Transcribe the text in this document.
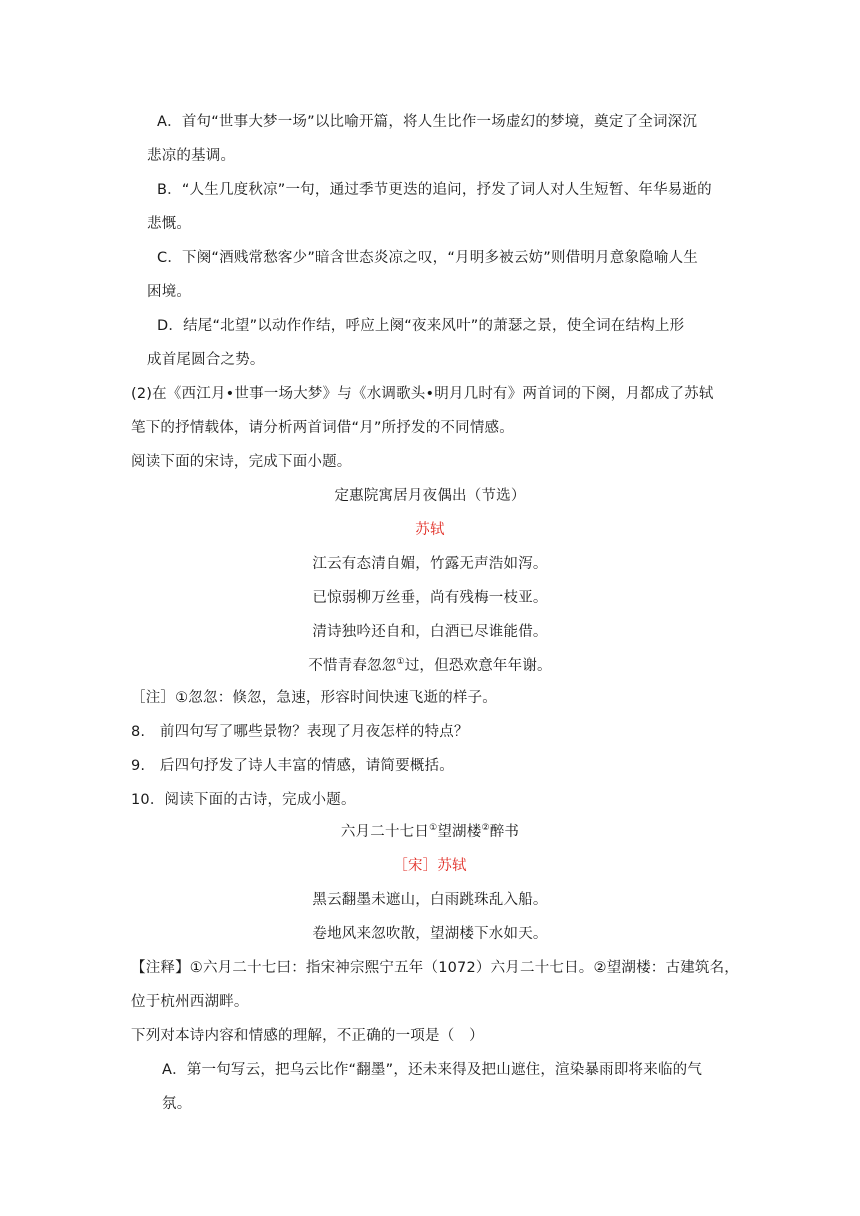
A．首句“世事大梦一场”以比喻开篇，将人生比作一场虚幻的梦境，奠定了全词深沉
悲凉的基调。
B．“人生几度秋凉”一句，通过季节更迭的追问，抒发了词人对人生短暂、年华易逝的
悲慨。
C．下阕“酒贱常愁客少”暗含世态炎凉之叹，“月明多被云妨”则借明月意象隐喻人生
困境。
D．结尾“北望”以动作作结，呼应上阕“夜来风叶”的萧瑟之景，使全词在结构上形
成首尾圆合之势。
(2)在《西江月•世事一场大梦》与《水调歌头•明月几时有》两首词的下阕，月都成了苏轼
笔下的抒情载体，请分析两首词借“月”所抒发的不同情感。
阅读下面的宋诗，完成下面小题。
定惠院寓居月夜偶出（节选）
苏轼
江云有态清自媚，竹露无声浩如泻。
已惊弱柳万丝垂，尚有残梅一枝亚。
清诗独吟还自和，白酒已尽谁能借。
不惜青春忽忽①过，但恐欢意年年谢。
［注］①忽忽：倏忽，急速，形容时间快速飞逝的样子。
8.　前四句写了哪些景物？表现了月夜怎样的特点？
9.　后四句抒发了诗人丰富的情感，请简要概括。
10．阅读下面的古诗，完成小题。
六月二十七日①望湖楼②醉书
［宋］苏轼
黑云翻墨未遮山，白雨跳珠乱入船。
卷地风来忽吹散，望湖楼下水如天。
【注释】①六月二十七曰：指宋神宗熙宁五年（1072）六月二十七日。②望湖楼：古建筑名，
位于杭州西湖畔。
下列对本诗内容和情感的理解，不正确的一项是（　）
A．第一句写云，把乌云比作“翻墨”，还未来得及把山遮住，渲染暴雨即将来临的气
氛。
